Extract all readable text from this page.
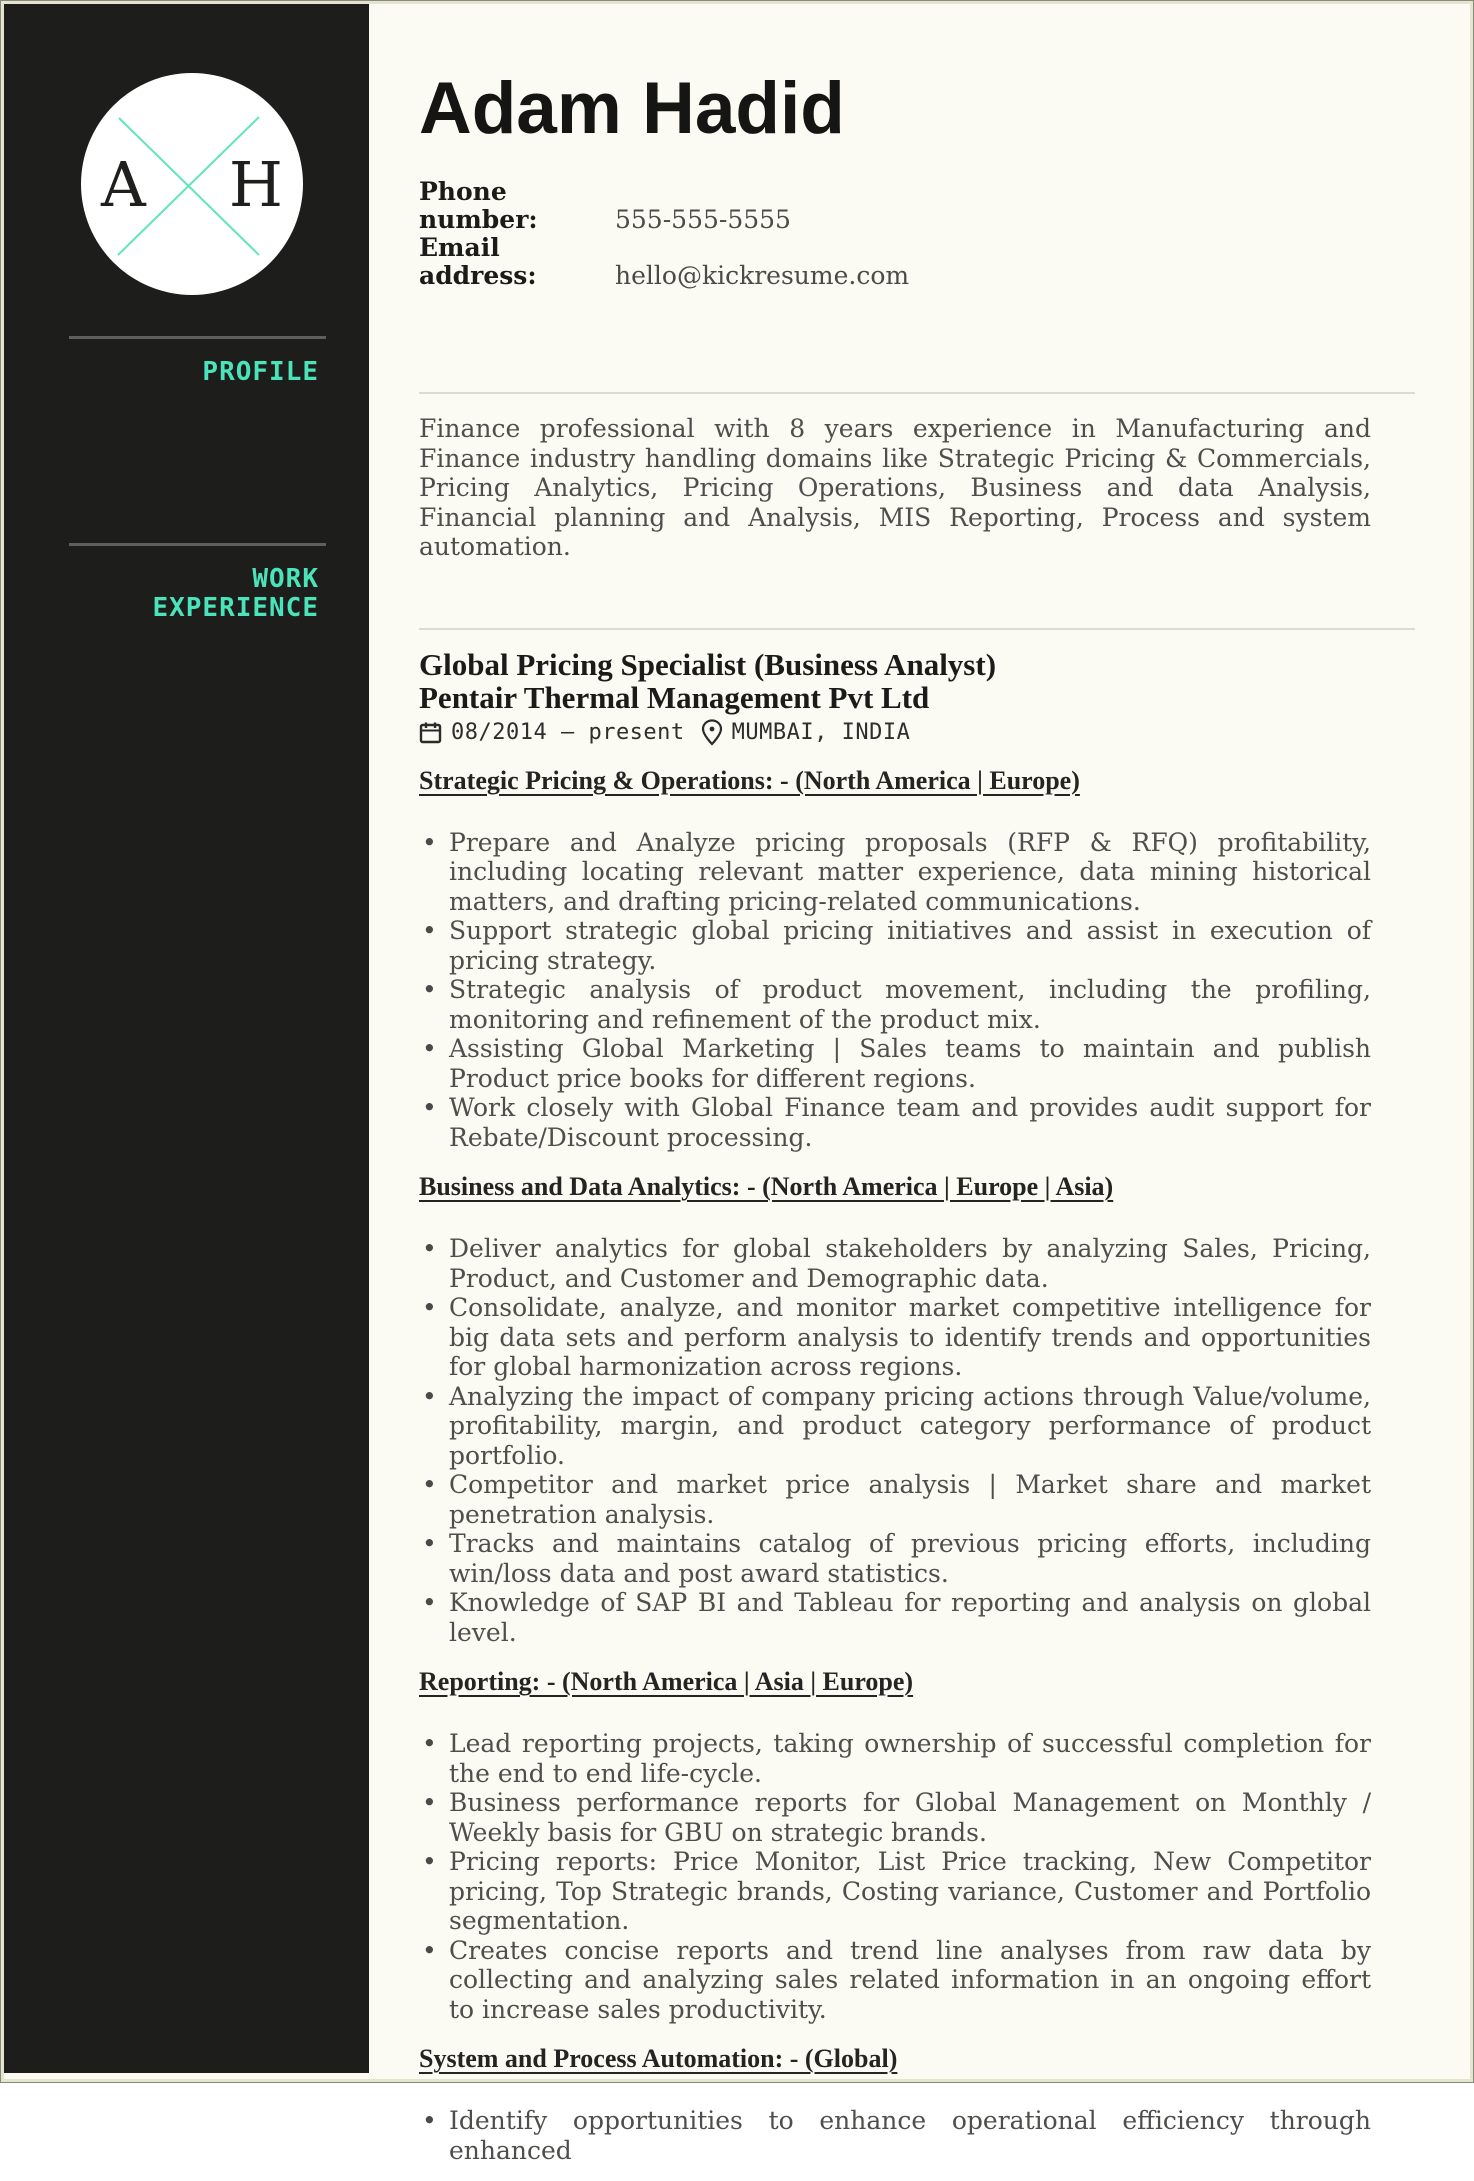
A H
PROFILE
WORK EXPERIENCE
Adam Hadid
Phone number:	555-555-5555
Email address:	hello@kickresume.com

Finance professional with 8 years experience in Manufacturing and Finance industry handling domains like Strategic Pricing & Commercials, Pricing Analytics, Pricing Operations, Business and data Analysis, Financial planning and Analysis, MIS Reporting, Process and system automation.

Global Pricing Specialist (Business Analyst)
Pentair Thermal Management Pvt Ltd
08/2014 – present MUMBAI, INDIA
Strategic Pricing & Operations: - (North America | Europe)
• Prepare and Analyze pricing proposals (RFP & RFQ) profitability, including locating relevant matter experience, data mining historical matters, and drafting pricing-related communications.
• Support strategic global pricing initiatives and assist in execution of pricing strategy.
• Strategic analysis of product movement, including the profiling, monitoring and refinement of the product mix.
• Assisting Global Marketing | Sales teams to maintain and publish Product price books for different regions.
• Work closely with Global Finance team and provides audit support for Rebate/Discount processing.
Business and Data Analytics: - (North America | Europe | Asia)
• Deliver analytics for global stakeholders by analyzing Sales, Pricing, Product, and Customer and Demographic data.
• Consolidate, analyze, and monitor market competitive intelligence for big data sets and perform analysis to identify trends and opportunities for global harmonization across regions.
• Analyzing the impact of company pricing actions through Value/volume, profitability, margin, and product category performance of product portfolio.
• Competitor and market price analysis | Market share and market penetration analysis.
• Tracks and maintains catalog of previous pricing efforts, including win/loss data and post award statistics.
• Knowledge of SAP BI and Tableau for reporting and analysis on global level.
Reporting: - (North America | Asia | Europe)
• Lead reporting projects, taking ownership of successful completion for the end to end life-cycle.
• Business performance reports for Global Management on Monthly / Weekly basis for GBU on strategic brands.
• Pricing reports: Price Monitor, List Price tracking, New Competitor pricing, Top Strategic brands, Costing variance, Customer and Portfolio segmentation.
• Creates concise reports and trend line analyses from raw data by collecting and analyzing sales related information in an ongoing effort to increase sales productivity.
System and Process Automation: - (Global)
• Identify opportunities to enhance operational efficiency through enhanced
